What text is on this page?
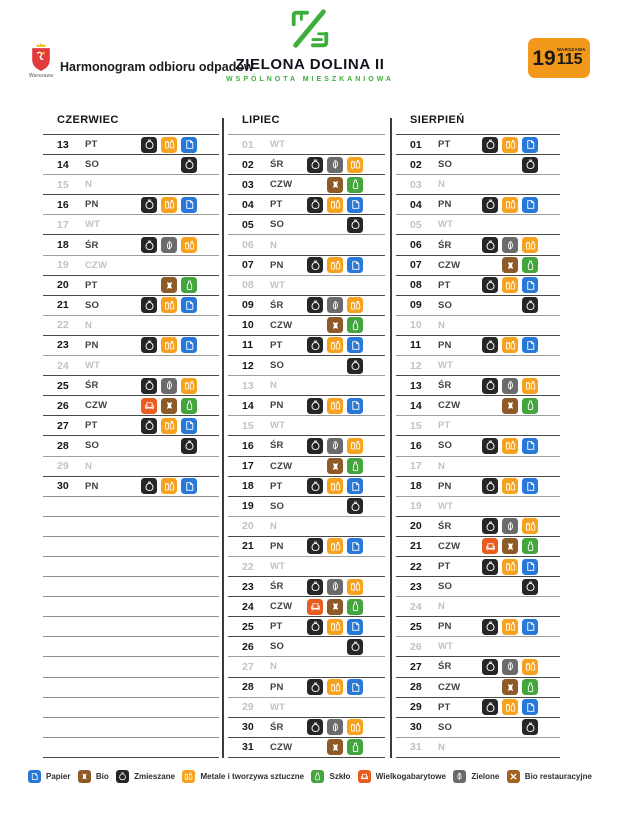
Warszawa
Harmonogram odbioru odpadów
ZIELONA DOLINA II
WSPÓLNOTA MIESZKANIOWA
19 WARSZAWA
115
CZERWIEC
13	PT
14	SO
15	N
16	PN
17	WT
18	ŚR
19	CZW
20	PT
21	SO
22	N
23	PN
24	WT
25	ŚR
26	CZW
27	PT
28	SO
29	N
30	PN
LIPIEC
01	WT
02	ŚR
03	CZW
04	PT
05	SO
06	N
07	PN
08	WT
09	ŚR
10	CZW
11	PT
12	SO
13	N
14	PN
15	WT
16	ŚR
17	CZW
18	PT
19	SO
20	N
21	PN
22	WT
23	ŚR
24	CZW
25	PT
26	SO
27	N
28	PN
29	WT
30	ŚR
31	CZW
SIERPIEŃ
01	PT
02	SO
03	N
04	PN
05	WT
06	ŚR
07	CZW
08	PT
09	SO
10	N
11	PN
12	WT
13	ŚR
14	CZW
15	PT
16	SO
17	N
18	PN
19	WT
20	ŚR
21	CZW
22	PT
23	SO
24	N
25	PN
26	WT
27	ŚR
28	CZW
29	PT
30	SO
31	N
Papier	Bio	Zmieszane	Metale i tworzywa sztuczne	Szkło	Wielkogabarytowe	Zielone	Bio restauracyjne
